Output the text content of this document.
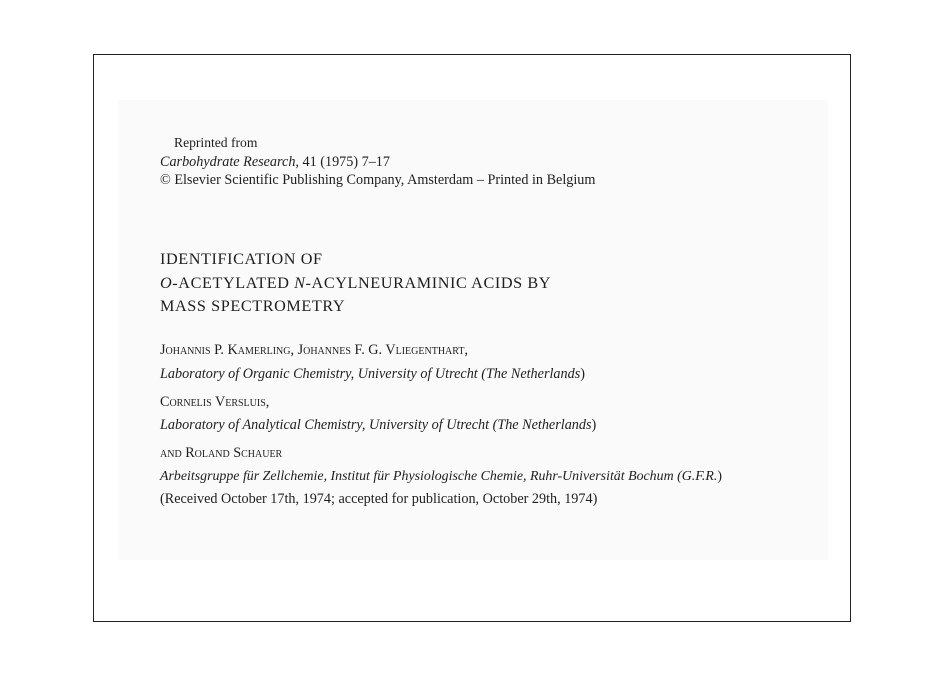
Reprinted from
Carbohydrate Research, 41 (1975) 7–17
© Elsevier Scientific Publishing Company, Amsterdam – Printed in Belgium
IDENTIFICATION OF
O-ACETYLATED N-ACYLNEURAMINIC ACIDS BY
MASS SPECTROMETRY
Johannis P. Kamerling, Johannes F. G. Vliegenthart,
Laboratory of Organic Chemistry, University of Utrecht (The Netherlands)
Cornelis Versluis,
Laboratory of Analytical Chemistry, University of Utrecht (The Netherlands)
and Roland Schauer
Arbeitsgruppe für Zellchemie, Institut für Physiologische Chemie, Ruhr-Universität Bochum (G.F.R.)
(Received October 17th, 1974; accepted for publication, October 29th, 1974)
